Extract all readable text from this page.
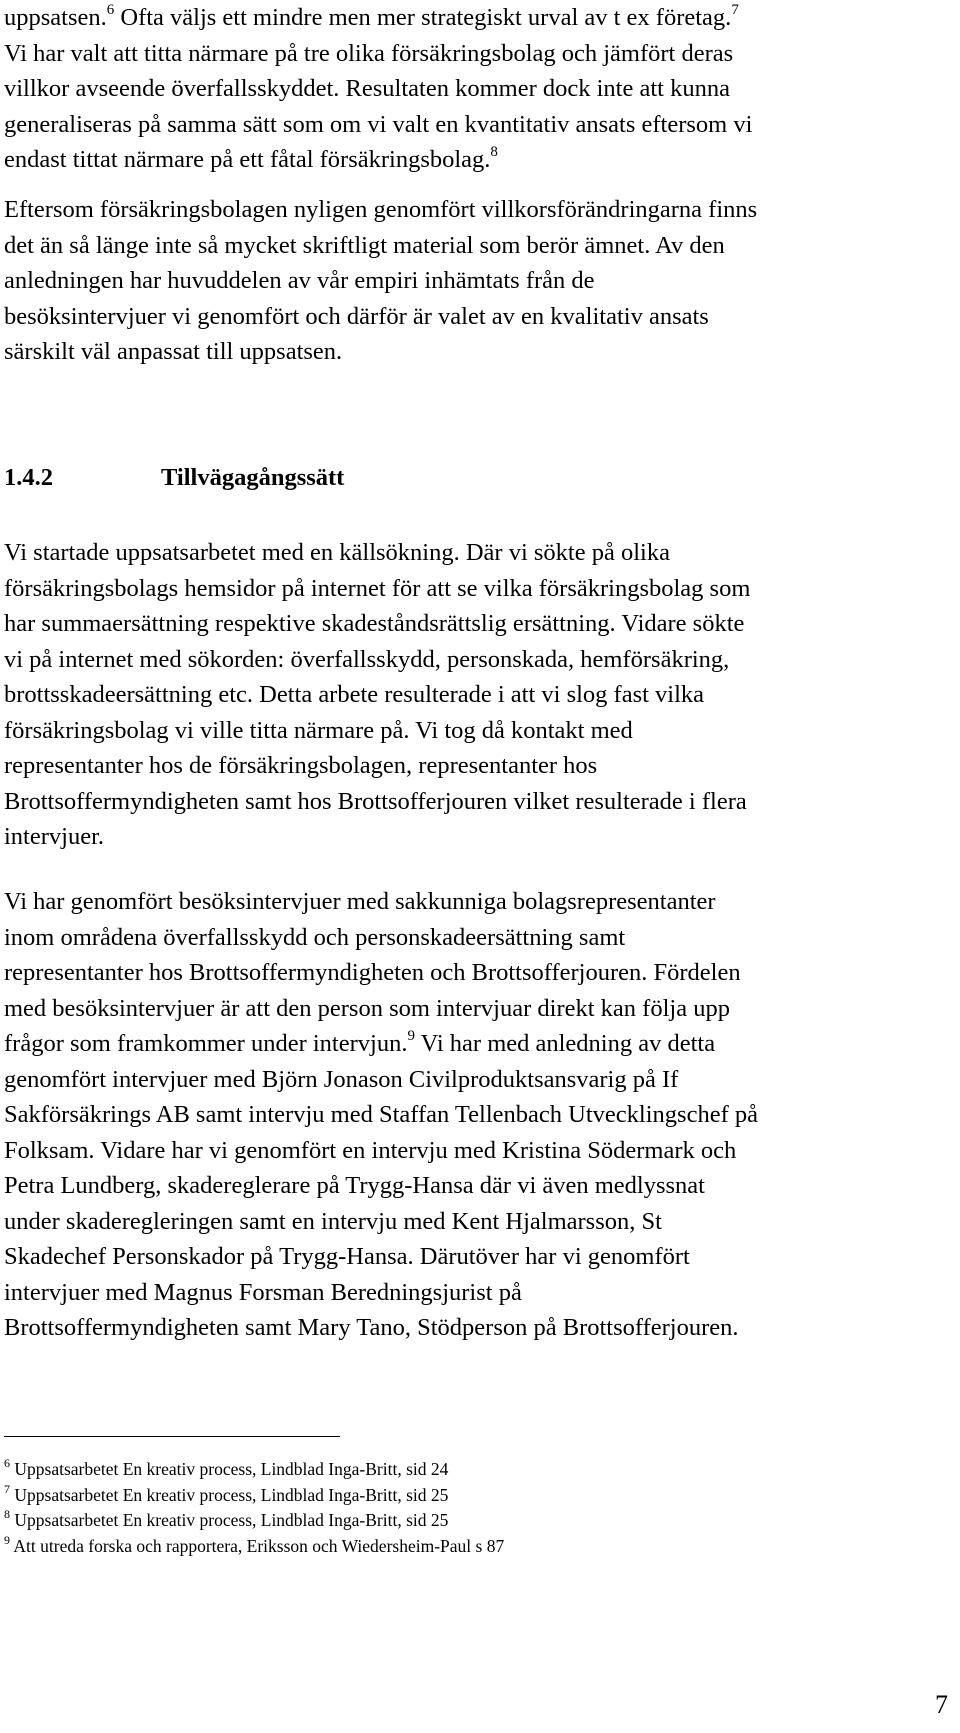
uppsatsen.$^6$ Ofta väljs ett mindre men mer strategiskt urval av t ex företag.$^7$
Vi har valt att titta närmare på tre olika försäkringsbolag och jämfört deras
villkor avseende överfallsskyddet. Resultaten kommer dock inte att kunna
generaliseras på samma sätt som om vi valt en kvantitativ ansats eftersom vi
endast tittat närmare på ett fåtal försäkringsbolag.$^8$

Eftersom försäkringsbolagen nyligen genomfört villkorsförändringarna finns
det än så länge inte så mycket skriftligt material som berör ämnet. Av den
anledningen har huvuddelen av vår empiri inhämtats från de
besöksintervjuer vi genomfört och därför är valet av en kvalitativ ansats
särskilt väl anpassat till uppsatsen.

1.4.2	Tillvägagångssätt

Vi startade uppsatsarbetet med en källsökning. Där vi sökte på olika
försäkringsbolags hemsidor på internet för att se vilka försäkringsbolag som
har summaersättning respektive skadeståndsrättslig ersättning. Vidare sökte
vi på internet med sökorden: överfallsskydd, personskada, hemförsäkring,
brottsskadeersättning etc. Detta arbete resulterade i att vi slog fast vilka
försäkringsbolag vi ville titta närmare på. Vi tog då kontakt med
representanter hos de försäkringsbolagen, representanter hos
Brottsoffermyndigheten samt hos Brottsofferjouren vilket resulterade i flera
intervjuer.

Vi har genomfört besöksintervjuer med sakkunniga bolagsrepresentanter
inom områdena överfallsskydd och personskadeersättning samt
representanter hos Brottsoffermyndigheten och Brottsofferjouren. Fördelen
med besöksintervjuer är att den person som intervjuar direkt kan följa upp
frågor som framkommer under intervjun.$^9$ Vi har med anledning av detta
genomfört intervjuer med Björn Jonason Civilproduktsansvarig på If
Sakförsäkrings AB samt intervju med Staffan Tellenbach Utvecklingschef på
Folksam. Vidare har vi genomfört en intervju med Kristina Södermark och
Petra Lundberg, skadereglerare på Trygg-Hansa där vi även medlyssnat
under skaderegleringen samt en intervju med Kent Hjalmarsson, St
Skadechef Personskador på Trygg-Hansa. Därutöver har vi genomfört
intervjuer med Magnus Forsman Beredningsjurist på
Brottsoffermyndigheten samt Mary Tano, Stödperson på Brottsofferjouren.

$^6$ Uppsatsarbetet En kreativ process, Lindblad Inga-Britt, sid 24
$^7$ Uppsatsarbetet En kreativ process, Lindblad Inga-Britt, sid 25
$^8$ Uppsatsarbetet En kreativ process, Lindblad Inga-Britt, sid 25
$^9$ Att utreda forska och rapportera, Eriksson och Wiedersheim-Paul s 87
7
